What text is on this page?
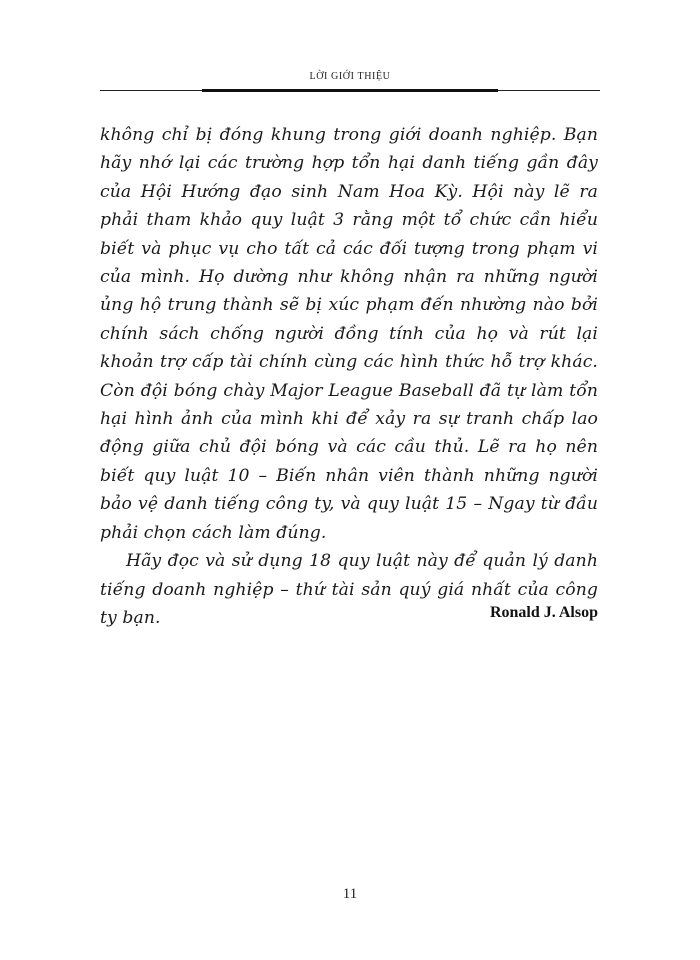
LỜI GIỚI THIỆU

không chỉ bị đóng khung trong giới doanh nghiệp. Bạn hãy nhớ lại các trường hợp tổn hại danh tiếng gần đây của Hội Hướng đạo sinh Nam Hoa Kỳ. Hội này lẽ ra phải tham khảo quy luật 3 rằng một tổ chức cần hiểu biết và phục vụ cho tất cả các đối tượng trong phạm vi của mình. Họ dường như không nhận ra những người ủng hộ trung thành sẽ bị xúc phạm đến nhường nào bởi chính sách chống người đồng tính của họ và rút lại khoản trợ cấp tài chính cùng các hình thức hỗ trợ khác. Còn đội bóng chày Major League Baseball đã tự làm tổn hại hình ảnh của mình khi để xảy ra sự tranh chấp lao động giữa chủ đội bóng và các cầu thủ. Lẽ ra họ nên biết quy luật 10 – Biến nhân viên thành những người bảo vệ danh tiếng công ty, và quy luật 15 – Ngay từ đầu phải chọn cách làm đúng.

Hãy đọc và sử dụng 18 quy luật này để quản lý danh tiếng doanh nghiệp – thứ tài sản quý giá nhất của công ty bạn.	Ronald J. Alsop
11
